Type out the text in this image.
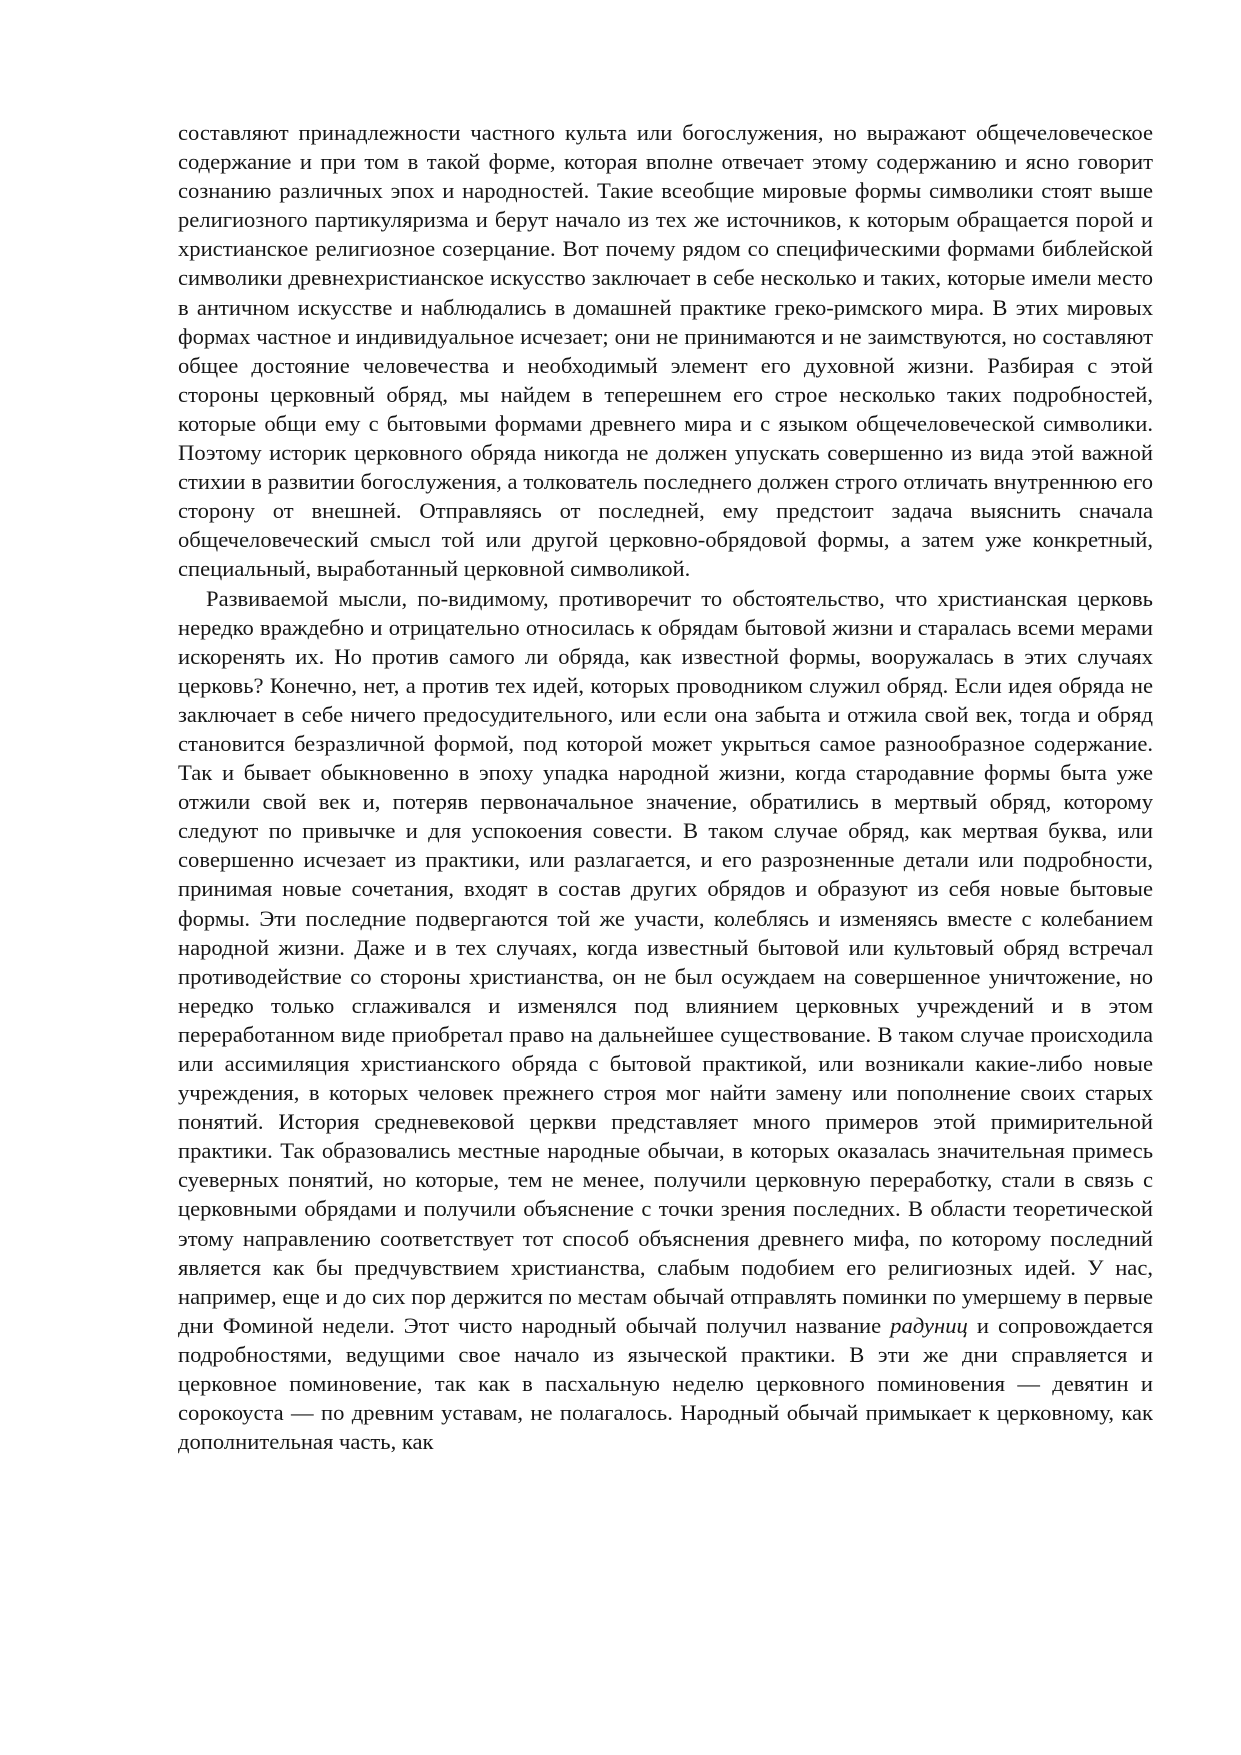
составляют принадлежности частного культа или богослужения, но выражают общечеловеческое содержание и при том в такой форме, которая вполне отвечает этому содержанию и ясно говорит сознанию различных эпох и народностей. Такие всеобщие мировые формы символики стоят выше религиозного партикуляризма и берут начало из тех же источников, к которым обращается порой и христианское религиозное созерцание. Вот почему рядом со специфическими формами библейской символики древнехристианское искусство заключает в себе несколько и таких, которые имели место в античном искусстве и наблюдались в домашней практике греко-римского мира. В этих мировых формах частное и индивидуальное исчезает; они не принимаются и не заимствуются, но составляют общее достояние человечества и необходимый элемент его духовной жизни. Разбирая с этой стороны церковный обряд, мы найдем в теперешнем его строе несколько таких подробностей, которые общи ему с бытовыми формами древнего мира и с языком общечеловеческой символики. Поэтому историк церковного обряда никогда не должен упускать совершенно из вида этой важной стихии в развитии богослужения, а толкователь последнего должен строго отличать внутреннюю его сторону от внешней. Отправляясь от последней, ему предстоит задача выяснить сначала общечеловеческий смысл той или другой церковно-обрядовой формы, а затем уже конкретный, специальный, выработанный церковной символикой.

Развиваемой мысли, по-видимому, противоречит то обстоятельство, что христианская церковь нередко враждебно и отрицательно относилась к обрядам бытовой жизни и старалась всеми мерами искоренять их. Но против самого ли обряда, как известной формы, вооружалась в этих случаях церковь? Конечно, нет, а против тех идей, которых проводником служил обряд. Если идея обряда не заключает в себе ничего предосудительного, или если она забыта и отжила свой век, тогда и обряд становится безразличной формой, под которой может укрыться самое разнообразное содержание. Так и бывает обыкновенно в эпоху упадка народной жизни, когда стародавние формы быта уже отжили свой век и, потеряв первоначальное значение, обратились в мертвый обряд, которому следуют по привычке и для успокоения совести. В таком случае обряд, как мертвая буква, или совершенно исчезает из практики, или разлагается, и его разрозненные детали или подробности, принимая новые сочетания, входят в состав других обрядов и образуют из себя новые бытовые формы. Эти последние подвергаются той же участи, колеблясь и изменяясь вместе с колебанием народной жизни. Даже и в тех случаях, когда известный бытовой или культовый обряд встречал противодействие со стороны христианства, он не был осуждаем на совершенное уничтожение, но нередко только сглаживался и изменялся под влиянием церковных учреждений и в этом переработанном виде приобретал право на дальнейшее существование. В таком случае происходила или ассимиляция христианского обряда с бытовой практикой, или возникали какие-либо новые учреждения, в которых человек прежнего строя мог найти замену или пополнение своих старых понятий. История средневековой церкви представляет много примеров этой примирительной практики. Так образовались местные народные обычаи, в которых оказалась значительная примесь суеверных понятий, но которые, тем не менее, получили церковную переработку, стали в связь с церковными обрядами и получили объяснение с точки зрения последних. В области теоретической этому направлению соответствует тот способ объяснения древнего мифа, по которому последний является как бы предчувствием христианства, слабым подобием его религиозных идей. У нас, например, еще и до сих пор держится по местам обычай отправлять поминки по умершему в первые дни Фоминой недели. Этот чисто народный обычай получил название радуниц и сопровождается подробностями, ведущими свое начало из языческой практики. В эти же дни справляется и церковное поминовение, так как в пасхальную неделю церковного поминовения — девятин и сорокоуста — по древним уставам, не полагалось. Народный обычай примыкает к церковному, как дополнительная часть, как
